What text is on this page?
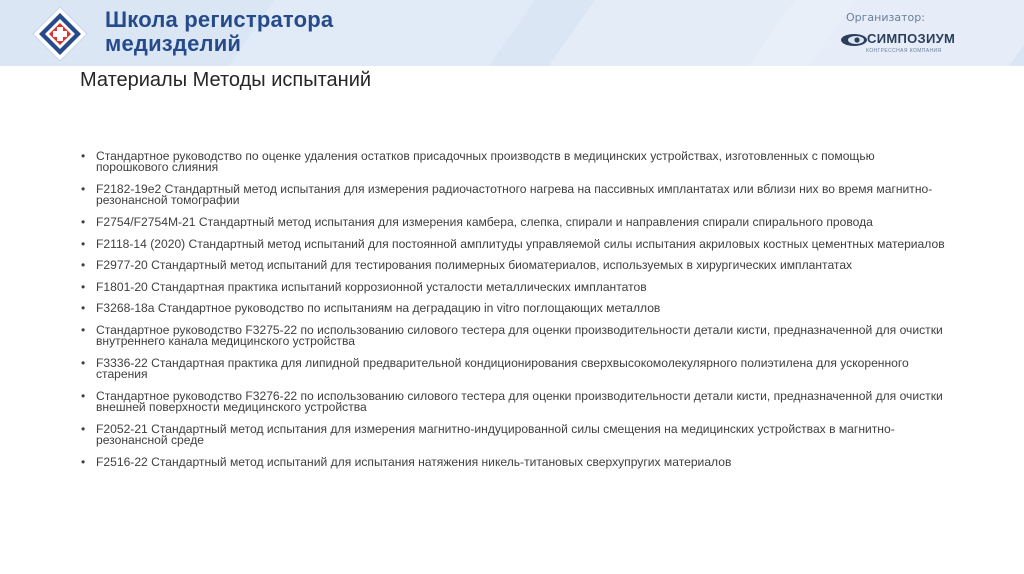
Школа регистратора
медизделий
Организатор:
СИМПОЗИУМ
КОНГРЕССНАЯ КОМПАНИЯ
Материалы Методы испытаний
• Стандартное руководство по оценке удаления остатков присадочных производств в медицинских устройствах, изготовленных с помощью порошкового слияния
• F2182-19e2 Стандартный метод испытания для измерения радиочастотного нагрева на пассивных имплантатах или вблизи них во время магнитно-резонансной томографии
• F2754/F2754M-21 Стандартный метод испытания для измерения камбера, слепка, спирали и направления спирали спирального провода
• F2118-14 (2020) Стандартный метод испытаний для постоянной амплитуды управляемой силы испытания акриловых костных цементных материалов
• F2977-20 Стандартный метод испытаний для тестирования полимерных биоматериалов, используемых в хирургических имплантатах
• F1801-20 Стандартная практика испытаний коррозионной усталости металлических имплантатов
• F3268-18a Стандартное руководство по испытаниям на деградацию in vitro поглощающих металлов
• Стандартное руководство F3275-22 по использованию силового тестера для оценки производительности детали кисти, предназначенной для очистки внутреннего канала медицинского устройства
• F3336-22 Стандартная практика для липидной предварительной кондиционирования сверхвысокомолекулярного полиэтилена для ускоренного старения
• Стандартное руководство F3276-22 по использованию силового тестера для оценки производительности детали кисти, предназначенной для очистки внешней поверхности медицинского устройства
• F2052-21 Стандартный метод испытания для измерения магнитно-индуцированной силы смещения на медицинских устройствах в магнитно-резонансной среде
• F2516-22 Стандартный метод испытаний для испытания натяжения никель-титановых сверхупругих материалов
